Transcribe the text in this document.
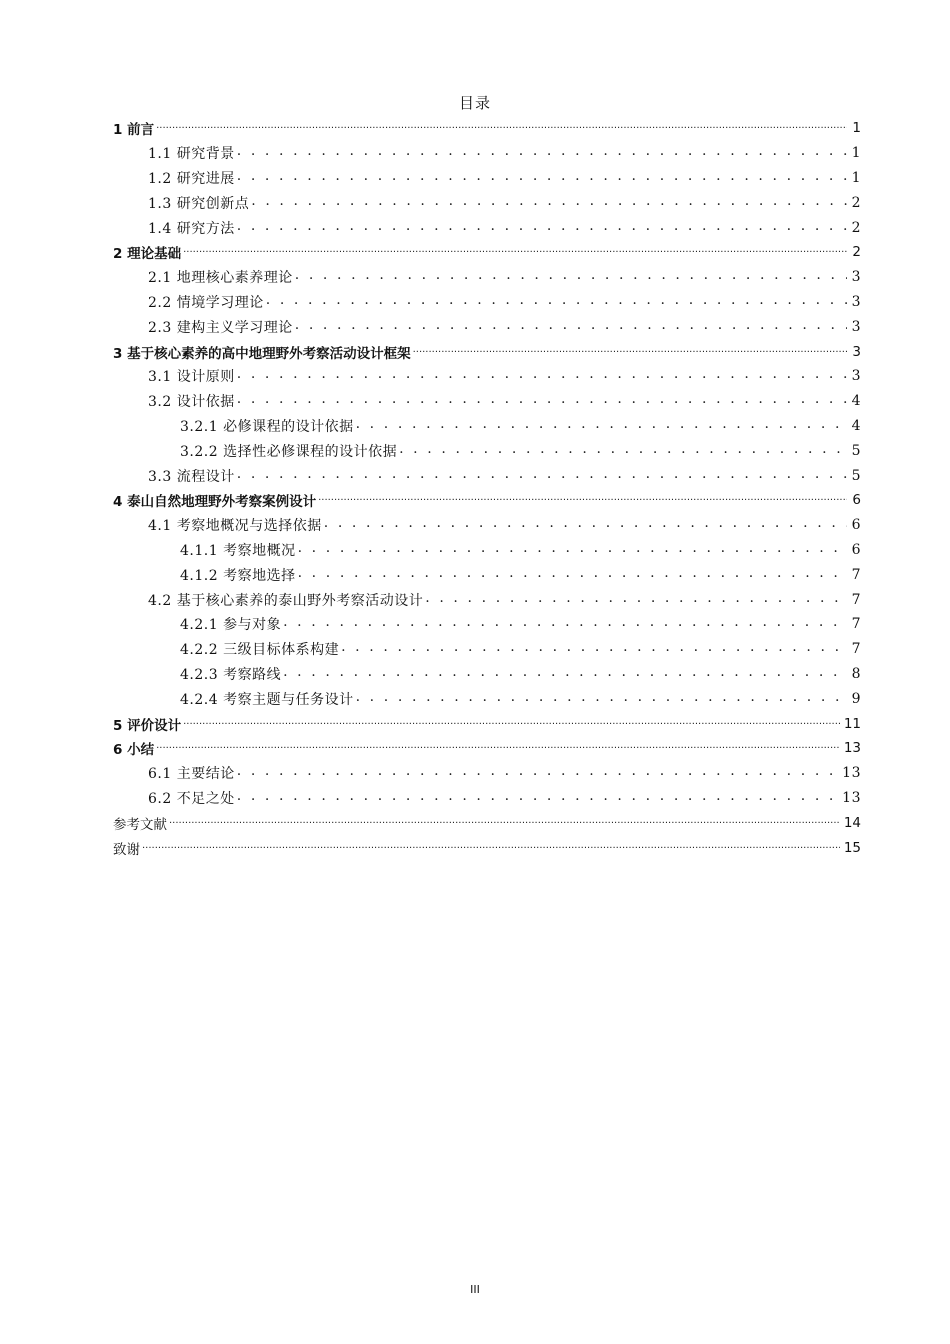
目录
1 前言 .....	1
1.1 研究背景 . . .	1
1.2 研究进展 . . .	1
1.3 研究创新点 . . .	2
1.4 研究方法 . . .	2
2 理论基础 .....	2
2.1 地理核心素养理论 . . .	3
2.2 情境学习理论 . . .	3
2.3 建构主义学习理论 . . .	3
3 基于核心素养的高中地理野外考察活动设计框架 .....	3
3.1 设计原则 . . .	3
3.2 设计依据 . . .	4
3.2.1 必修课程的设计依据 . . .	4
3.2.2 选择性必修课程的设计依据 . . .	5
3.3 流程设计 . . .	5
4 泰山自然地理野外考察案例设计 .....	6
4.1 考察地概况与选择依据 . . .	6
4.1.1 考察地概况 . . .	6
4.1.2 考察地选择 . . .	7
4.2 基于核心素养的泰山野外考察活动设计 . . .	7
4.2.1 参与对象 . . .	7
4.2.2 三级目标体系构建 . . .	7
4.2.3 考察路线 . . .	8
4.2.4 考察主题与任务设计 . . .	9
5 评价设计 .....	11
6 小结 .....	13
6.1 主要结论 . . .	13
6.2 不足之处 . . .	13
参考文献 .....	14
致谢 .....	15
III
